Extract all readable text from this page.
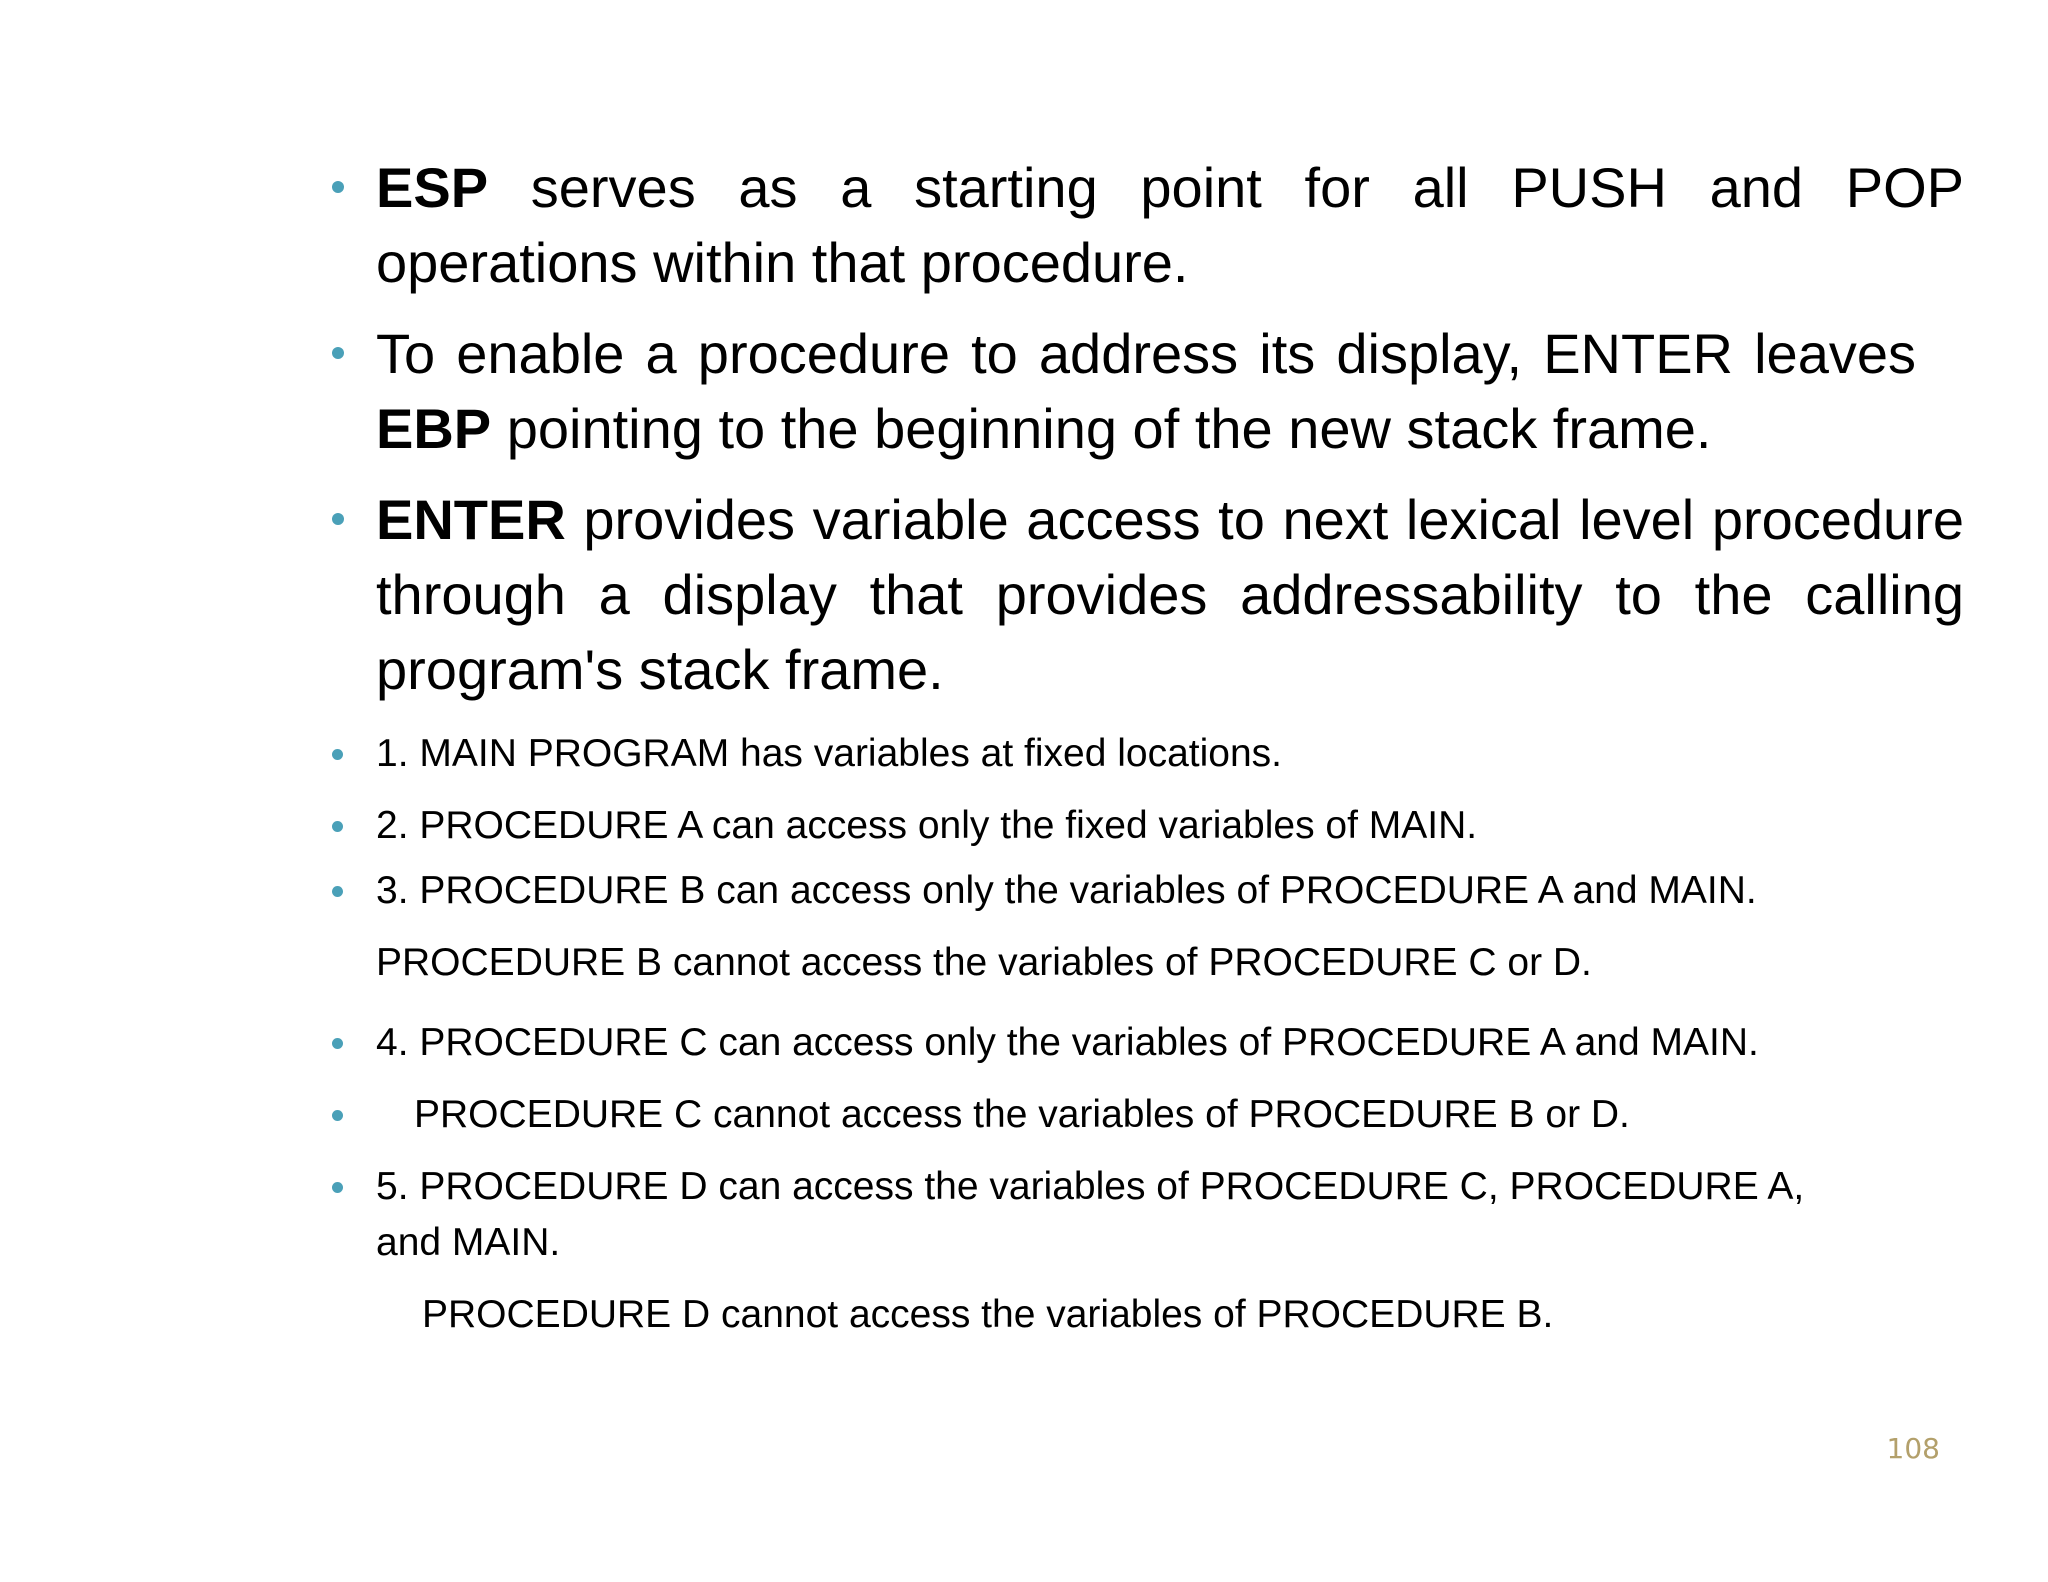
ESP serves as a starting point for all PUSH and POP operations within that procedure.
To enable a procedure to address its display, ENTER leaves EBP pointing to the beginning of the new stack frame.
ENTER provides variable access to next lexical level procedure through a display that provides addressability to the calling program's stack frame.
1. MAIN PROGRAM has variables at fixed locations.
2. PROCEDURE A can access only the fixed variables of MAIN.
3. PROCEDURE B can access only the variables of PROCEDURE A and MAIN.
PROCEDURE B cannot access the variables of PROCEDURE C or D.
4. PROCEDURE C can access only the variables of PROCEDURE A and MAIN.
PROCEDURE C cannot access the variables of PROCEDURE B or D.
5. PROCEDURE D can access the variables of PROCEDURE C, PROCEDURE A,
and MAIN.
PROCEDURE D cannot access the variables of PROCEDURE B.
108
